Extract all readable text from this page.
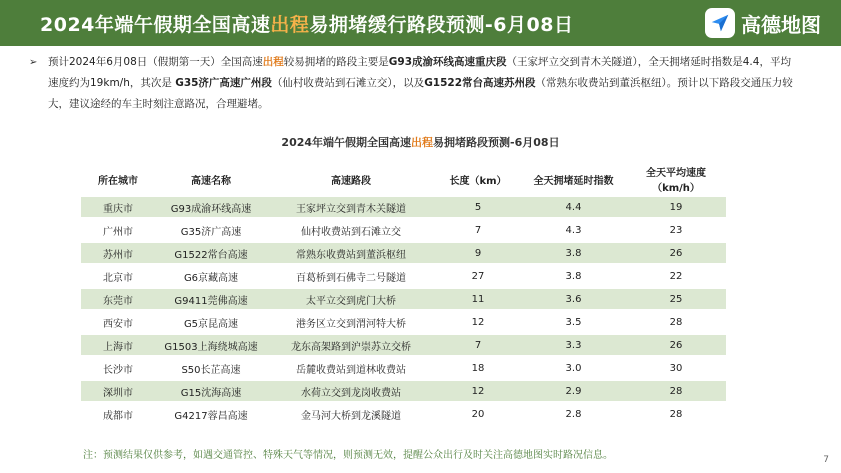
2024年端午假期全国高速出程易拥堵缓行路段预测-6月08日	高德地图
➢ 预计2024年6月08日（假期第一天）全国高速出程较易拥堵的路段主要是G93成渝环线高速重庆段（王家坪立交到青木关隧道），全天拥堵延时指数是4.4，平均速度约为19km/h，其次是 G35济广高速广州段（仙村收费站到石滩立交），以及G1522常台高速苏州段（常熟东收费站到董浜枢纽）。预计以下路段交通压力较大，建议途经的车主时刻注意路况，合理避堵。
2024年端午假期全国高速出程易拥堵路段预测-6月08日
所在城市	高速名称	高速路段	长度（km）	全天拥堵延时指数	全天平均速度（km/h）
重庆市	G93成渝环线高速	王家坪立交到青木关隧道	5	4.4	19
广州市	G35济广高速	仙村收费站到石滩立交	7	4.3	23
苏州市	G1522常台高速	常熟东收费站到董浜枢纽	9	3.8	26
北京市	G6京藏高速	百葛桥到石佛寺二号隧道	27	3.8	22
东莞市	G9411莞佛高速	太平立交到虎门大桥	11	3.6	25
西安市	G5京昆高速	港务区立交到渭河特大桥	12	3.5	28
上海市	G1503上海绕城高速	龙东高架路到沪崇苏立交桥	7	3.3	26
长沙市	S50长芷高速	岳麓收费站到道林收费站	18	3.0	30
深圳市	G15沈海高速	水荷立交到龙岗收费站	12	2.9	28
成都市	G4217蓉昌高速	金马河大桥到龙溪隧道	20	2.8	28
注：预测结果仅供参考，如遇交通管控、特殊天气等情况，则预测无效，提醒公众出行及时关注高德地图实时路况信息。	7
